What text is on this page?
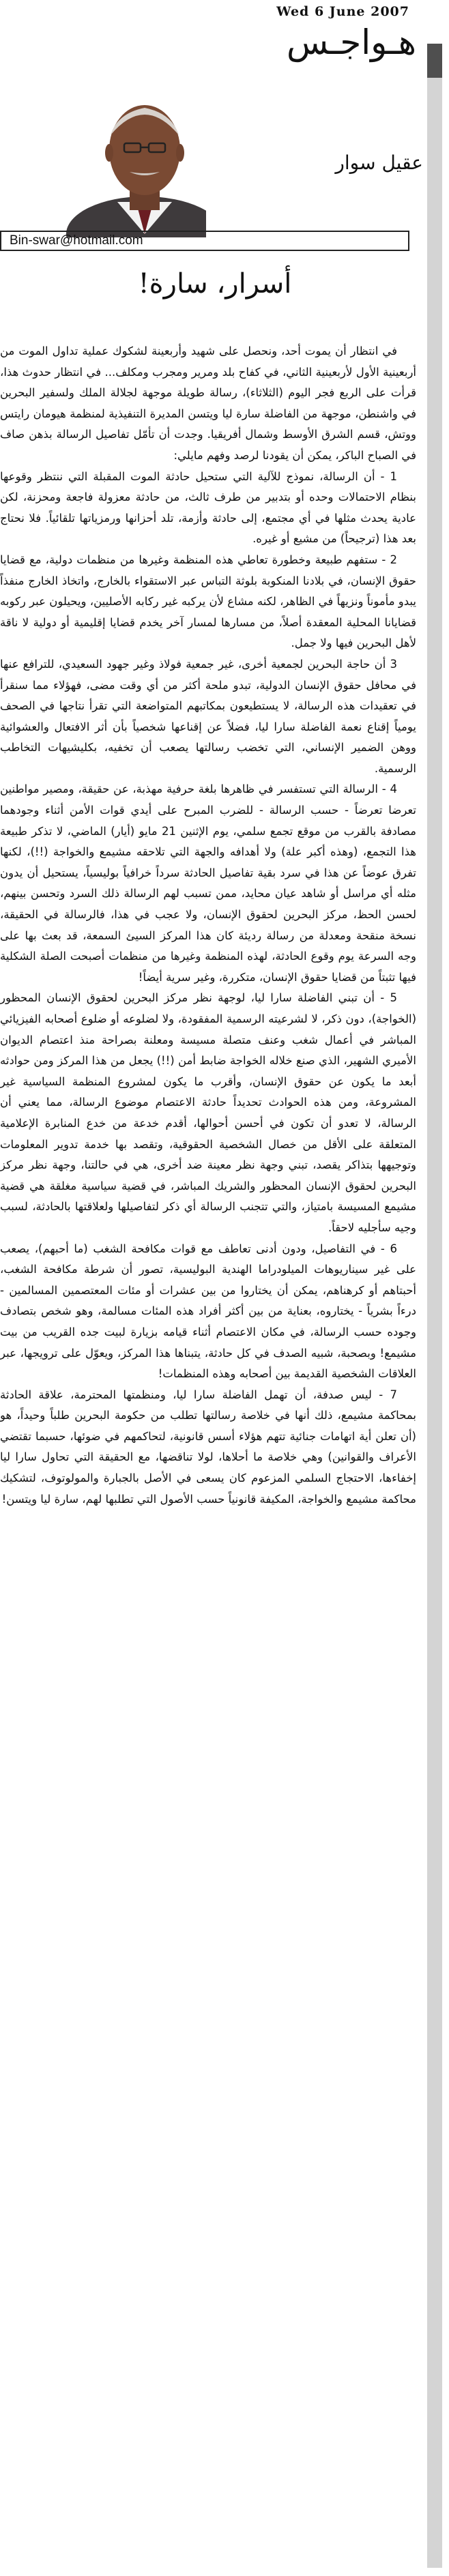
Wed 6 June 2007
هـواجـس
عقيل سوار
Bin-swar@hotmail.com
أسرار، سارة!

في انتظار أن يموت أحد، ونحصل على شهيد وأربعينة لشكوك عملية تداول الموت من أربعينية الأول لأربعينية الثاني، في كفاح بلد ومرير ومجرب ومكلف... في انتظار حدوث هذا، قرأت على الربع فجر اليوم (الثلاثاء)، رسالة طويلة موجهة لجلالة الملك ولسفير البحرين في واشنطن، موجهة من الفاضلة سارة ليا ويتسن المديرة التنفيذية لمنظمة هيومان رايتس ووتش، قسم الشرق الأوسط وشمال أفريقيا. وجدت أن تأمّل تفاصيل الرسالة بذهن صاف في الصباح الباكر، يمكن أن يقودنا لرصد وفهم مايلي:

1 - أن الرسالة، نموذج للآلية التي ستحيل حادثة الموت المقبلة التي ننتظر وقوعها بنظام الاحتمالات وحده أو بتدبير من طرف ثالث، من حادثة معزولة فاجعة ومحزنة، لكن عادية يحدث مثلها في أي مجتمع، إلى حادثة وأزمة، تلد أحزانها ورمزياتها تلقائياً. فلا نحتاج بعد هذا (ترجيحاً) من مشيع أو غيره.

2 - ستفهم طبيعة وخطورة تعاطي هذه المنظمة وغيرها من منظمات دولية، مع قضايا حقوق الإنسان، في بلادنا المنكوبة بلوثة التباس عبر الاستقواء بالخارج، واتخاذ الخارج منفذاً يبدو مأموناً ونزيهاً في الظاهر، لكنه مشاع لأن يركبه غير ركابه الأصليين، ويحيلون عبر ركوبه قضايانا المحلية المعقدة أصلاً، من مسارها لمسار آخر يخدم قضايا إقليمية أو دولية لا ناقة لأهل البحرين فيها ولا جمل.

3 أن حاجة البحرين لجمعية أخرى، غير جمعية فولاذ وغير جهود السعيدي، للترافع عنها في محافل حقوق الإنسان الدولية، تبدو ملحة أكثر من أي وقت مضى، فهؤلاء مما سنقرأ في تعقيدات هذه الرسالة، لا يستطيعون بمكاتبهم المتواضعة التي تقرأ نتاجها في الصحف يومياً إقناع نعمة الفاضلة سارا ليا، فضلاً عن إقناعها شخصياً بأن أثر الافتعال والعشوائية ووهن الضمير الإنساني، التي تخضب رسالتها يصعب أن تخفيه، بكليشيهات التخاطب الرسمية.

4 - الرسالة التي تستفسر في ظاهرها بلغة حرفية مهذبة، عن حقيقة، ومصير مواطنين تعرضا تعرضاً - حسب الرسالة - للضرب المبرح على أيدي قوات الأمن أثناء وجودهما مصادفة بالقرب من موقع تجمع سلمي، يوم الإثنين 21 مايو (أيار) الماضي، لا تذكر طبيعة هذا التجمع، (وهذه أكبر علة) ولا أهدافه والجهة التي تلاحقه مشيمع والخواجة (!!)، لكنها تفرق عوضاً عن هذا في سرد بقية تفاصيل الحادثة سرداً خرافياً بوليسياً، يستحيل أن يدون مثله أي مراسل أو شاهد عيان محايد، ممن تسبب لهم الرسالة ذلك السرد وتحسن بينهم، لحسن الحظ، مركز البحرين لحقوق الإنسان، ولا عجب في هذا، فالرسالة في الحقيقة، نسخة منقحة ومعدلة من رسالة رديئة كان هذا المركز السيئ السمعة، قد بعث بها على وجه السرعة يوم وقوع الحادثة، لهذه المنظمة وغيرها من منظمات أصبحت الصلة الشكلية فيها تثبتاً من قضايا حقوق الإنسان، متكررة، وغير سرية أيضاً!

5 - أن تبني الفاضلة سارا ليا، لوجهة نظر مركز البحرين لحقوق الإنسان المحظور (الخواجة)، دون ذكر، لا لشرعيته الرسمية المفقودة، ولا لضلوعه أو ضلوع أصحابه الفيزيائي المباشر في أعمال شغب وعنف متصلة مسيسة ومعلنة بصراحة منذ اعتصام الديوان الأميري الشهير، الذي صنع خلاله الخواجة ضابط أمن (!!) يجعل من هذا المركز ومن حوادثه أبعد ما يكون عن حقوق الإنسان، وأقرب ما يكون لمشروع المنظمة السياسية غير المشروعة، ومن هذه الحوادث تحديداً حادثة الاعتصام موضوع الرسالة، مما يعني أن الرسالة، لا تعدو أن تكون في أحسن أحوالها، أقدم خدعة من خدع المنابرة الإعلامية المتعلقة على الأقل من خصال الشخصية الحقوقية، وتقصد بها خدمة تدوير المعلومات وتوجيهها بتذاكر يقصد، تبني وجهة نظر معينة ضد أخرى، هي في حالتنا، وجهة نظر مركز البحرين لحقوق الإنسان المحظور والشريك المباشر، في قضية سياسية مغلقة هي قضية مشيمع المسيسة بامتياز، والتي تتجنب الرسالة أي ذكر لتفاصيلها ولعلاقتها بالحادثة، لسبب وجيه سأجليه لاحقاً.

6 - في التفاصيل، ودون أدنى تعاطف مع قوات مكافحة الشغب (ما أحبهم)، يصعب على غير سيناريوهات الميلودراما الهندية البوليسية، تصور أن شرطة مكافحة الشغب، أحبتاهم أو كرهناهم، يمكن أن يختاروا من بين عشرات أو مئات المعتصمين المسالمين - درءاً بشرياً - يختاروه، بعناية من بين أكثر أفراد هذه المئات مسالمة، وهو شخص بتصادف وجوده حسب الرسالة، في مكان الاعتصام أثناء قيامه بزيارة لبيت جده القريب من بيت مشيمع! وبصحبة، شبيه الصدف في كل حادثة، يتبناها هذا المركز، ويعوّل على ترويجها، عبر العلاقات الشخصية القديمة بين أصحابه وهذه المنظمات!

7 - ليس صدفة، أن تهمل الفاضلة سارا ليا، ومنظمتها المحترمة، علاقة الحادثة بمحاكمة مشيمع، ذلك أنها في خلاصة رسالتها تطلب من حكومة البحرين طلباً وحيداً، هو (أن تعلن أية اتهامات جنائية تتهم هؤلاء أسس قانونية، لتحاكمهم في ضوئها، حسبما تقتضي الأعراف والقوانين) وهي خلاصة ما أحلاها، لولا تناقضها، مع الحقيقة التي تحاول سارا ليا إخفاءها، الاحتجاج السلمي المزعوم كان يسعى في الأصل بالجبارة والمولوتوف، لتشكيك محاكمة مشيمع والخواجة، المكيفة قانونياً حسب الأصول التي تطلبها لهم، سارة ليا ويتسن!
